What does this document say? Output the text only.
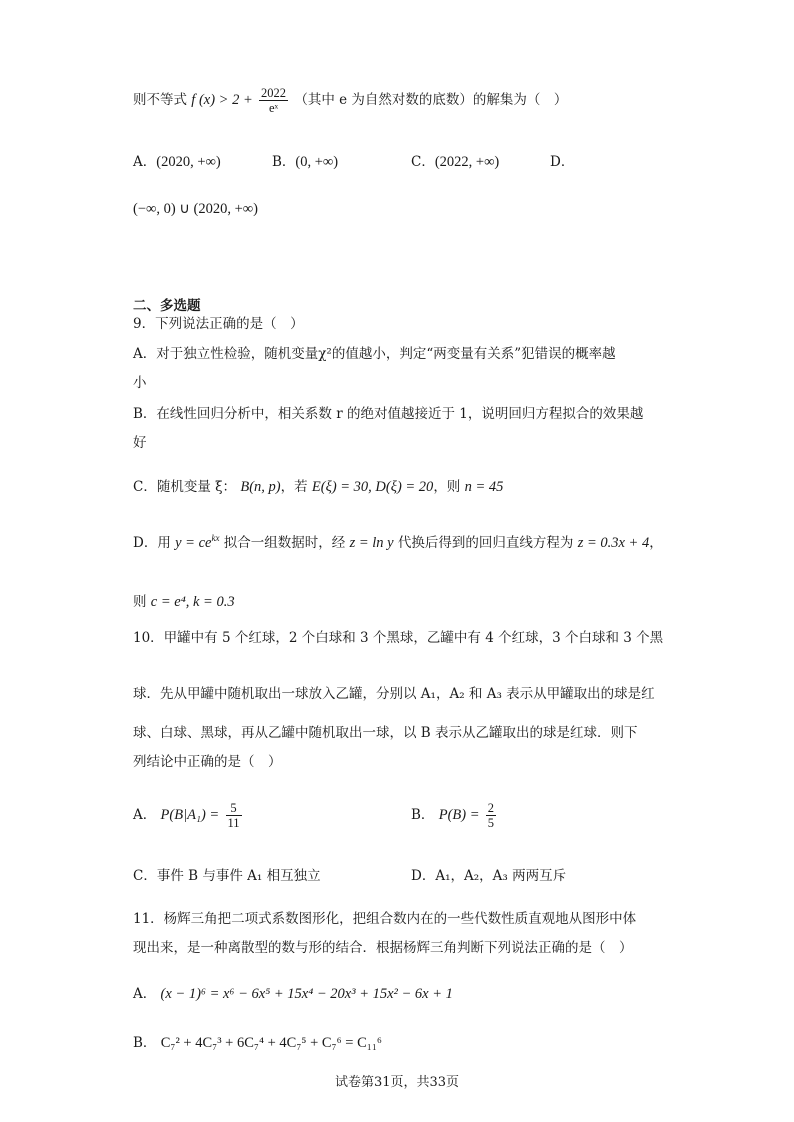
则不等式 f $(x) > 2 + \frac{2022}{\text{eˣ}}$ （其中 e 为自然对数的底数）的解集为（　）
A．(2020, +∞)	B．(0, +∞)	C．(2022, +∞)	D．
(−∞, 0) ∪ (2020, +∞)
二、多选题
9．下列说法正确的是（　）
A．对于独立性检验，随机变量χ²的值越小，判定“两变量有关系”犯错误的概率越
小
B．在线性回归分析中，相关系数 r 的绝对值越接近于 1，说明回归方程拟合的效果越
好
C．随机变量 ξ： B(n, p)，若 E(ξ) = 30, D(ξ) = 20，则 n = 45
D．用 $y = ce^{kx}$ 拟合一组数据时，经 z = ln y 代换后得到的回归直线方程为 z = 0.3x + 4，
则 c = e⁴, k = 0.3
10．甲罐中有 5 个红球，2 个白球和 3 个黑球，乙罐中有 4 个红球，3 个白球和 3 个黑
球．先从甲罐中随机取出一球放入乙罐，分别以 A₁，A₂ 和 A₃ 表示从甲罐取出的球是红
球、白球、黑球，再从乙罐中随机取出一球，以 B 表示从乙罐取出的球是红球．则下
列结论中正确的是（　）
A． $P(B|A_1) = \frac{5}{11}$	B． $P(B) = \frac{2}{5}$
C．事件 B 与事件 A₁ 相互独立	D．A₁，A₂，A₃ 两两互斥
11．杨辉三角把二项式系数图形化，把组合数内在的一些代数性质直观地从图形中体
现出来，是一种离散型的数与形的结合．根据杨辉三角判断下列说法正确的是（　）
A． (x − 1)⁶ = x⁶ − 6x⁵ + 15x⁴ − 20x³ + 15x² − 6x + 1
B． C₇² + 4C₇³ + 6C₇⁴ + 4C₇⁵ + C₇⁶ = C₁₁⁶
试卷第31页，共33页
